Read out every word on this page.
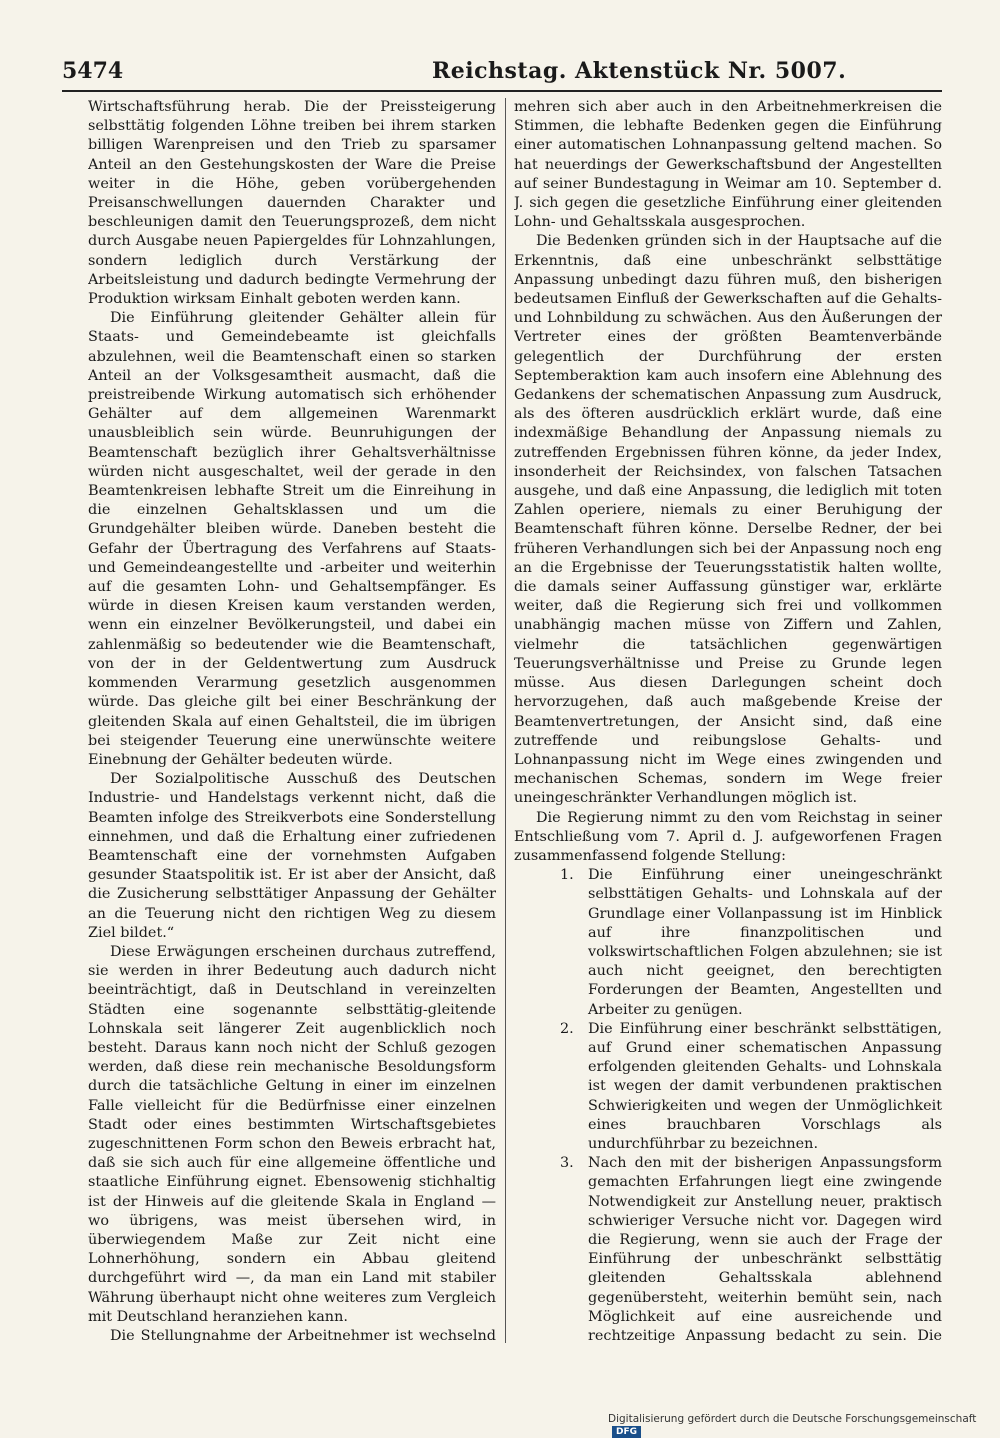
5474	Reichstag. Aktenstück Nr. 5007.

Wirtschaftsführung herab. Die der Preissteigerung selbsttätig folgenden Löhne treiben bei ihrem starken billigen Warenpreisen und den Trieb zu sparsamer Anteil an den Gestehungskosten der Ware die Preise weiter in die Höhe, geben vorübergehenden Preisanschwellungen dauernden Charakter und beschleunigen damit den Teuerungsprozeß, dem nicht durch Ausgabe neuen Papiergeldes für Lohnzahlungen, sondern lediglich durch Verstärkung der Arbeitsleistung und dadurch bedingte Vermehrung der Produktion wirksam Einhalt geboten werden kann.

Die Einführung gleitender Gehälter allein für Staats- und Gemeindebeamte ist gleichfalls abzulehnen, weil die Beamtenschaft einen so starken Anteil an der Volksgesamtheit ausmacht, daß die preistreibende Wirkung automatisch sich erhöhender Gehälter auf dem allgemeinen Warenmarkt unausbleiblich sein würde. Beunruhigungen der Beamtenschaft bezüglich ihrer Gehaltsverhältnisse würden nicht ausgeschaltet, weil der gerade in den Beamtenkreisen lebhafte Streit um die Einreihung in die einzelnen Gehaltsklassen und um die Grundgehälter bleiben würde. Daneben besteht die Gefahr der Übertragung des Verfahrens auf Staats- und Gemeindeangestellte und -arbeiter und weiterhin auf die gesamten Lohn- und Gehaltsempfänger. Es würde in diesen Kreisen kaum verstanden werden, wenn ein einzelner Bevölkerungsteil, und dabei ein zahlenmäßig so bedeutender wie die Beamtenschaft, von der in der Geldentwertung zum Ausdruck kommenden Verarmung gesetzlich ausgenommen würde. Das gleiche gilt bei einer Beschränkung der gleitenden Skala auf einen Gehaltsteil, die im übrigen bei steigender Teuerung eine unerwünschte weitere Einebnung der Gehälter bedeuten würde.

Der Sozialpolitische Ausschuß des Deutschen Industrie- und Handelstags verkennt nicht, daß die Beamten infolge des Streikverbots eine Sonderstellung einnehmen, und daß die Erhaltung einer zufriedenen Beamtenschaft eine der vornehmsten Aufgaben gesunder Staatspolitik ist. Er ist aber der Ansicht, daß die Zusicherung selbsttätiger Anpassung der Gehälter an die Teuerung nicht den richtigen Weg zu diesem Ziel bildet.“

Diese Erwägungen erscheinen durchaus zutreffend, sie werden in ihrer Bedeutung auch dadurch nicht beeinträchtigt, daß in Deutschland in vereinzelten Städten eine sogenannte selbsttätig-gleitende Lohnskala seit längerer Zeit augenblicklich noch besteht. Daraus kann noch nicht der Schluß gezogen werden, daß diese rein mechanische Besoldungsform durch die tatsächliche Geltung in einer im einzelnen Falle vielleicht für die Bedürfnisse einer einzelnen Stadt oder eines bestimmten Wirtschaftsgebietes zugeschnittenen Form schon den Beweis erbracht hat, daß sie sich auch für eine allgemeine öffentliche und staatliche Einführung eignet. Ebensowenig stichhaltig ist der Hinweis auf die gleitende Skala in England — wo übrigens, was meist übersehen wird, in überwiegendem Maße zur Zeit nicht eine Lohnerhöhung, sondern ein Abbau gleitend durchgeführt wird —, da man ein Land mit stabiler Währung überhaupt nicht ohne weiteres zum Vergleich mit Deutschland heranziehen kann.

Die Stellungnahme der Arbeitnehmer ist wechselnd

mehren sich aber auch in den Arbeitnehmerkreisen die Stimmen, die lebhafte Bedenken gegen die Einführung einer automatischen Lohnanpassung geltend machen. So hat neuerdings der Gewerkschaftsbund der Angestellten auf seiner Bundestagung in Weimar am 10. September d. J. sich gegen die gesetzliche Einführung einer gleitenden Lohn- und Gehaltsskala ausgesprochen.

Die Bedenken gründen sich in der Hauptsache auf die Erkenntnis, daß eine unbeschränkt selbsttätige Anpassung unbedingt dazu führen muß, den bisherigen bedeutsamen Einfluß der Gewerkschaften auf die Gehalts- und Lohnbildung zu schwächen. Aus den Äußerungen der Vertreter eines der größten Beamtenverbände gelegentlich der Durchführung der ersten Septemberaktion kam auch insofern eine Ablehnung des Gedankens der schematischen Anpassung zum Ausdruck, als des öfteren ausdrücklich erklärt wurde, daß eine indexmäßige Behandlung der Anpassung niemals zu zutreffenden Ergebnissen führen könne, da jeder Index, insonderheit der Reichsindex, von falschen Tatsachen ausgehe, und daß eine Anpassung, die lediglich mit toten Zahlen operiere, niemals zu einer Beruhigung der Beamtenschaft führen könne. Derselbe Redner, der bei früheren Verhandlungen sich bei der Anpassung noch eng an die Ergebnisse der Teuerungsstatistik halten wollte, die damals seiner Auffassung günstiger war, erklärte weiter, daß die Regierung sich frei und vollkommen unabhängig machen müsse von Ziffern und Zahlen, vielmehr die tatsächlichen gegenwärtigen Teuerungsverhältnisse und Preise zu Grunde legen müsse. Aus diesen Darlegungen scheint doch hervorzugehen, daß auch maßgebende Kreise der Beamtenvertretungen, der Ansicht sind, daß eine zutreffende und reibungslose Gehalts- und Lohnanpassung nicht im Wege eines zwingenden und mechanischen Schemas, sondern im Wege freier uneingeschränkter Verhandlungen möglich ist.

Die Regierung nimmt zu den vom Reichstag in seiner Entschließung vom 7. April d. J. aufgeworfenen Fragen zusammenfassend folgende Stellung:

1. Die Einführung einer uneingeschränkt selbsttätigen Gehalts- und Lohnskala auf der Grundlage einer Vollanpassung ist im Hinblick auf ihre finanzpolitischen und volkswirtschaftlichen Folgen abzulehnen; sie ist auch nicht geeignet, den berechtigten Forderungen der Beamten, Angestellten und Arbeiter zu genügen.
2. Die Einführung einer beschränkt selbsttätigen, auf Grund einer schematischen Anpassung erfolgenden gleitenden Gehalts- und Lohnskala ist wegen der damit verbundenen praktischen Schwierigkeiten und wegen der Unmöglichkeit eines brauchbaren Vorschlags als undurchführbar zu bezeichnen.
3. Nach den mit der bisherigen Anpassungsform gemachten Erfahrungen liegt eine zwingende Notwendigkeit zur Anstellung neuer, praktisch schwieriger Versuche nicht vor. Dagegen wird die Regierung, wenn sie auch der Frage der Einführung der unbeschränkt selbsttätig gleitenden Gehaltsskala ablehnend gegenübersteht, weiterhin bemüht sein, nach Möglichkeit auf eine ausreichende und rechtzeitige Anpassung bedacht zu sein. Die
Digitalisierung gefördert durch die Deutsche Forschungsgemeinschaft DFG
